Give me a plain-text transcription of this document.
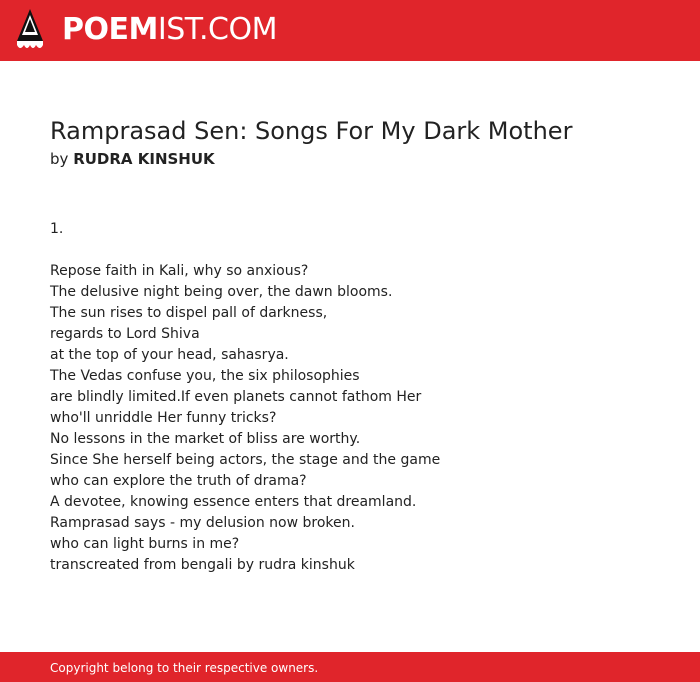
POEMIST.COM
Ramprasad Sen: Songs For My Dark Mother
by RUDRA KINSHUK
1.
Repose faith in Kali, why so anxious?
The delusive night being over, the dawn blooms.
The sun rises to dispel pall of darkness,
regards to Lord Shiva
at the top of your head, sahasrya.
The Vedas confuse you, the six philosophies
are blindly limited.If even planets cannot fathom Her
who'll unriddle Her funny tricks?
No lessons in the market of bliss are worthy.
Since She herself being actors, the stage and the game
who can explore the truth of drama?
A devotee, knowing essence enters that dreamland.
Ramprasad says - my delusion now broken.
who can light burns in me?
transcreated from bengali by rudra kinshuk
Copyright belong to their respective owners.
